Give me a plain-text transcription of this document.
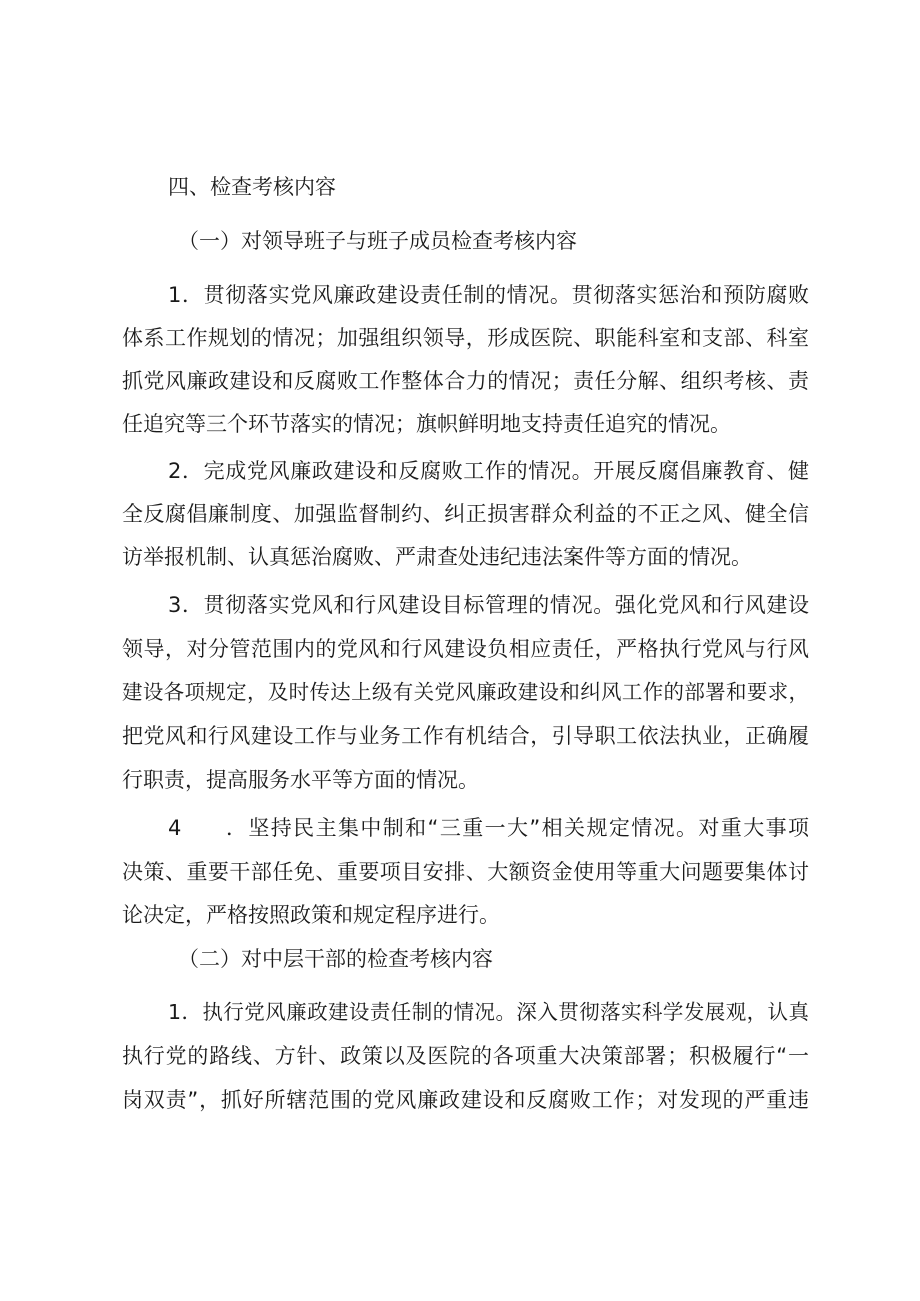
四、检查考核内容

（一）对领导班子与班子成员检查考核内容

1．贯彻落实党风廉政建设责任制的情况。贯彻落实惩治和预防腐败

体系工作规划的情况；加强组织领导，形成医院、职能科室和支部、科室

抓党风廉政建设和反腐败工作整体合力的情况；责任分解、组织考核、责

任追究等三个环节落实的情况；旗帜鲜明地支持责任追究的情况。

2．完成党风廉政建设和反腐败工作的情况。开展反腐倡廉教育、健

全反腐倡廉制度、加强监督制约、纠正损害群众利益的不正之风、健全信

访举报机制、认真惩治腐败、严肃查处违纪违法案件等方面的情况。

3．贯彻落实党风和行风建设目标管理的情况。强化党风和行风建设

领导，对分管范围内的党风和行风建设负相应责任，严格执行党风与行风

建设各项规定，及时传达上级有关党风廉政建设和纠风工作的部署和要求，

把党风和行风建设工作与业务工作有机结合，引导职工依法执业，正确履

行职责，提高服务水平等方面的情况。

4 ．坚持民主集中制和“三重一大”相关规定情况。对重大事项

决策、重要干部任免、重要项目安排、大额资金使用等重大问题要集体讨

论决定，严格按照政策和规定程序进行。

（二）对中层干部的检查考核内容

1．执行党风廉政建设责任制的情况。深入贯彻落实科学发展观，认真

执行党的路线、方针、政策以及医院的各项重大决策部署；积极履行“一

岗双责”，抓好所辖范围的党风廉政建设和反腐败工作；对发现的严重违
